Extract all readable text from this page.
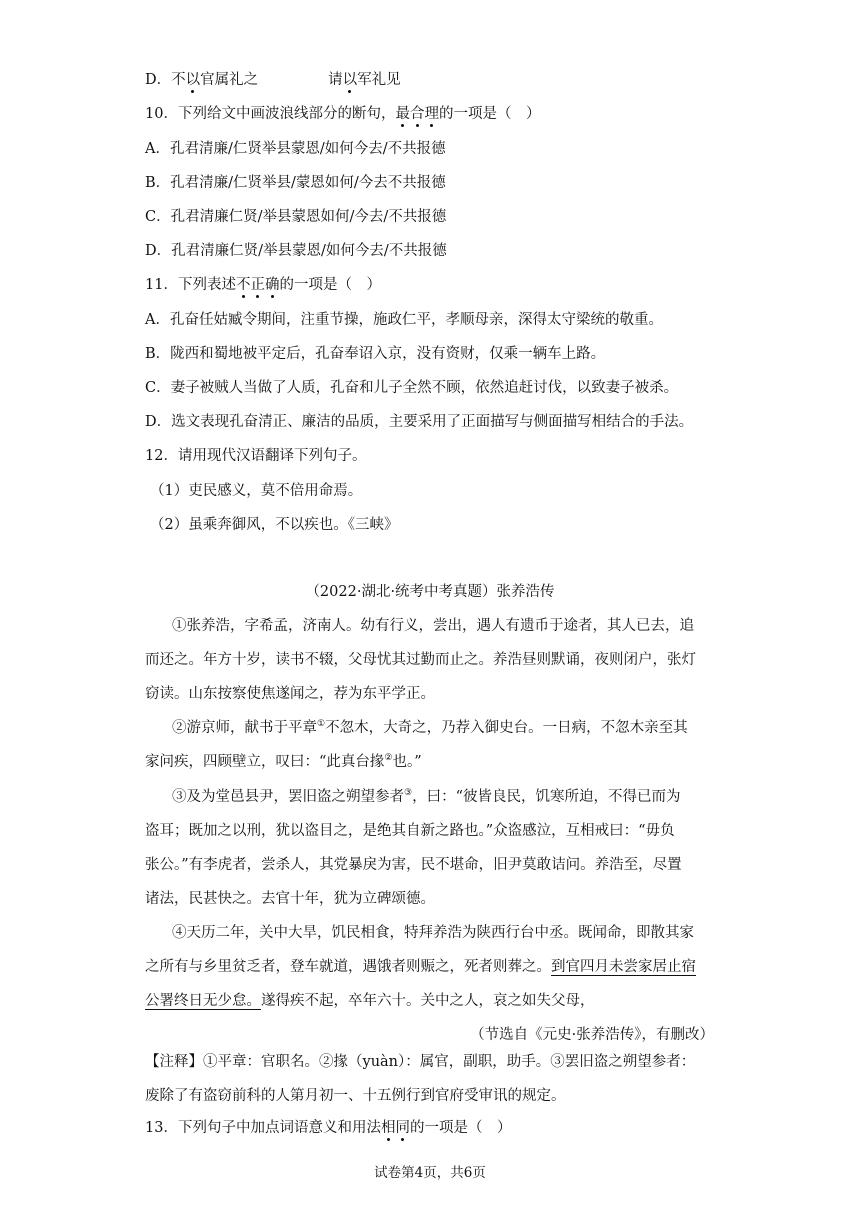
D．不以官属礼之	请以军礼见
10．下列给文中画波浪线部分的断句，最合理的一项是（　）
A．孔君清廉/仁贤举县蒙恩/如何今去/不共报德
B．孔君清廉/仁贤举县/蒙恩如何/今去不共报德
C．孔君清廉仁贤/举县蒙恩如何/今去/不共报德
D．孔君清廉仁贤/举县蒙恩/如何今去/不共报德
11．下列表述不正确的一项是（　）
A．孔奋任姑臧令期间，注重节操，施政仁平，孝顺母亲，深得太守梁统的敬重。
B．陇西和蜀地被平定后，孔奋奉诏入京，没有资财，仅乘一辆车上路。
C．妻子被贼人当做了人质，孔奋和儿子全然不顾，依然追赶讨伐，以致妻子被杀。
D．选文表现孔奋清正、廉洁的品质，主要采用了正面描写与侧面描写相结合的手法。
12．请用现代汉语翻译下列句子。
（1）吏民感义，莫不倍用命焉。
（2）虽乘奔御风，不以疾也。《三峡》
（2022·湖北·统考中考真题）张养浩传
①张养浩，字希孟，济南人。幼有行义，尝出，遇人有遗币于途者，其人已去，追
而还之。年方十岁，读书不辍，父母忧其过勤而止之。养浩昼则默诵，夜则闭户，张灯
窃读。山东按察使焦遂闻之，荐为东平学正。
②游京师，献书于平章①不忽木，大奇之，乃荐入御史台。一日病，不忽木亲至其
家问疾，四顾壁立，叹曰：“此真台掾②也。”
③及为堂邑县尹，罢旧盗之朔望参者③，曰：“彼皆良民，饥寒所迫，不得已而为
盗耳；既加之以刑，犹以盗目之，是绝其自新之路也。”众盗感泣，互相戒曰：“毋负
张公。”有李虎者，尝杀人，其党暴戾为害，民不堪命，旧尹莫敢诘问。养浩至，尽置
诸法，民甚快之。去官十年，犹为立碑颂德。
④天历二年，关中大旱，饥民相食，特拜养浩为陕西行台中丞。既闻命，即散其家
之所有与乡里贫乏者，登车就道，遇饿者则赈之，死者则葬之。到官四月未尝家居止宿
公署终日无少怠。遂得疾不起，卒年六十。关中之人，哀之如失父母，
（节选自《元史·张养浩传》，有删改）
【注释】①平章：官职名。②掾（yuàn）：属官，副职，助手。③罢旧盗之朔望参者：
废除了有盗窃前科的人第月初一、十五例行到官府受审讯的规定。
13．下列句子中加点词语意义和用法相同的一项是（　）
试卷第4页，共6页
